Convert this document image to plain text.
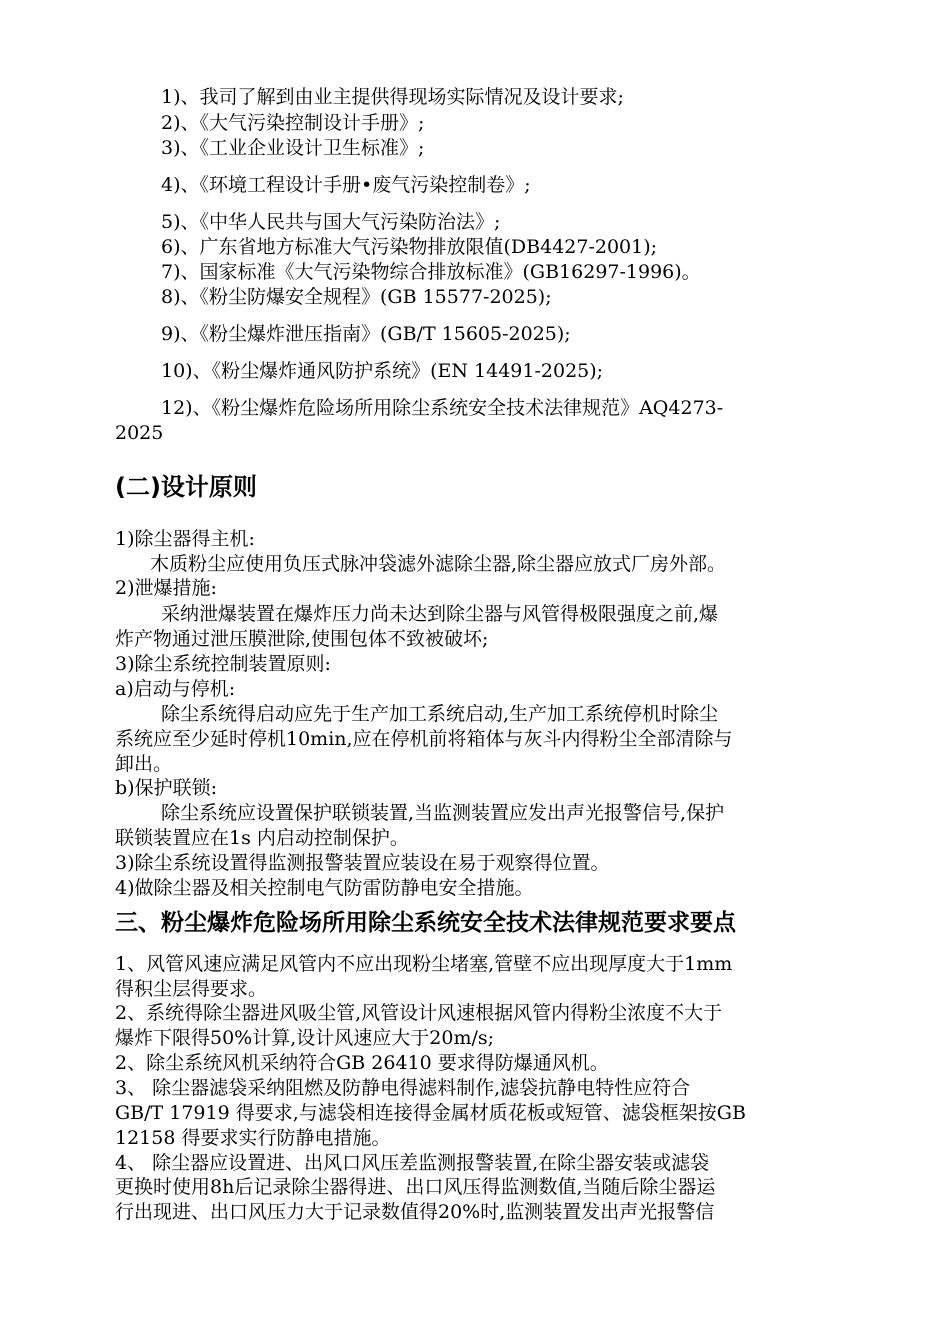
1)、我司了解到由业主提供得现场实际情况及设计要求;
2)、《大气污染控制设计手册》;
3)、《工业企业设计卫生标准》;
4)、《环境工程设计手册•废气污染控制卷》;
5)、《中华人民共与国大气污染防治法》;
6)、广东省地方标准大气污染物排放限值(DB4427-2001);
7)、国家标准《大气污染物综合排放标准》(GB16297-1996)。
8)、《粉尘防爆安全规程》(GB 15577-2025);
9)、《粉尘爆炸泄压指南》(GB/T 15605-2025);
10)、《粉尘爆炸通风防护系统》(EN 14491-2025);
12)、《粉尘爆炸危险场所用除尘系统安全技术法律规范》AQ4273-
2025
(二)设计原则
1)除尘器得主机:
木质粉尘应使用负压式脉冲袋滤外滤除尘器,除尘器应放式厂房外部。
2)泄爆措施:
采纳泄爆装置在爆炸压力尚未达到除尘器与风管得极限强度之前,爆
炸产物通过泄压膜泄除,使围包体不致被破坏;
3)除尘系统控制装置原则:
a)启动与停机:
除尘系统得启动应先于生产加工系统启动,生产加工系统停机时除尘
系统应至少延时停机10min,应在停机前将箱体与灰斗内得粉尘全部清除与
卸出。
b)保护联锁:
除尘系统应设置保护联锁装置,当监测装置应发出声光报警信号,保护
联锁装置应在1s 内启动控制保护。
3)除尘系统设置得监测报警装置应装设在易于观察得位置。
4)做除尘器及相关控制电气防雷防静电安全措施。
三、粉尘爆炸危险场所用除尘系统安全技术法律规范要求要点
1、风管风速应满足风管内不应出现粉尘堵塞,管壁不应出现厚度大于1mm
得积尘层得要求。
2、系统得除尘器进风吸尘管,风管设计风速根据风管内得粉尘浓度不大于
爆炸下限得50%计算,设计风速应大于20m/s;
2、除尘系统风机采纳符合GB 26410 要求得防爆通风机。
3、 除尘器滤袋采纳阻燃及防静电得滤料制作,滤袋抗静电特性应符合
GB/T 17919 得要求,与滤袋相连接得金属材质花板或短管、滤袋框架按GB
12158 得要求实行防静电措施。
4、 除尘器应设置进、出风口风压差监测报警装置,在除尘器安装或滤袋
更换时使用8h后记录除尘器得进、出口风压得监测数值,当随后除尘器运
行出现进、出口风压力大于记录数值得20%时,监测装置发出声光报警信
